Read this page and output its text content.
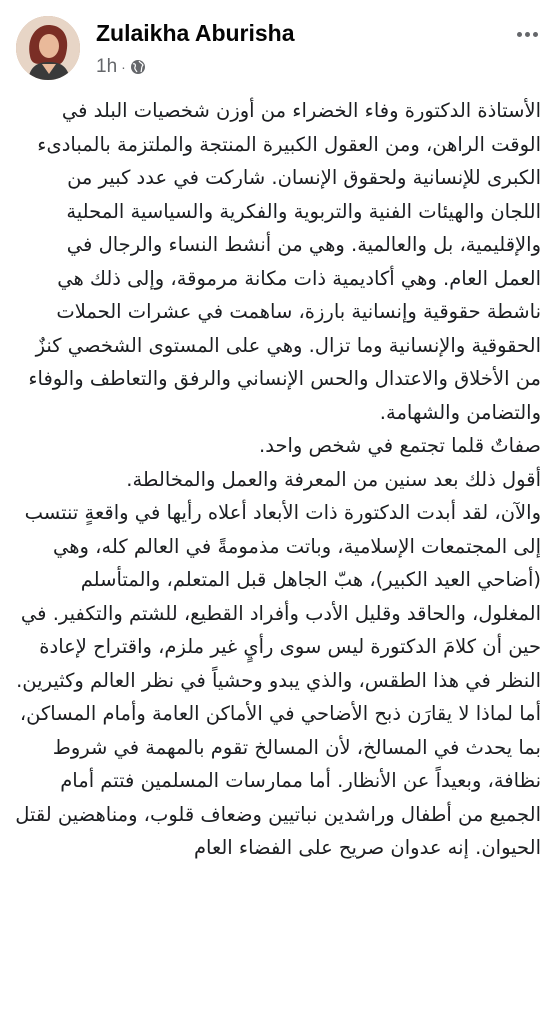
Zulaikha Aburisha
1h ·

الأستاذة الدكتورة وفاء الخضراء من أوزن شخصيات البلد في الوقت الراهن، ومن العقول الكبيرة المنتجة والملتزمة بالمبادىء الكبرى للإنسانية ولحقوق الإنسان. شاركت في عدد كبير من اللجان والهيئات الفنية والتربوية والفكرية والسياسية المحلية والإقليمية، بل والعالمية. وهي من أنشط النساء والرجال في العمل العام. وهي أكاديمية ذات مكانة مرموقة، وإلى ذلك هي ناشطة حقوقية وإنسانية بارزة، ساهمت في عشرات الحملات الحقوقية والإنسانية وما تزال. وهي على المستوى الشخصي كنزٌ من الأخلاق والاعتدال والحس الإنساني والرفق والتعاطف والوفاء والتضامن والشهامة.

صفاتٌ قلما تجتمع في شخص واحد.

أقول ذلك بعد سنين من المعرفة والعمل والمخالطة.

والآن، لقد أبدت الدكتورة ذات الأبعاد أعلاه رأيها في واقعةٍ تنتسب إلى المجتمعات الإسلامية، وباتت مذمومةً في العالم كله، وهي (أضاحي العيد الكبير)، هبّ الجاهل قبل المتعلم، والمتأسلم المغلول، والحاقد وقليل الأدب وأفراد القطيع، للشتم والتكفير. في حين أن كلامَ الدكتورة ليس سوى رأيٍ غير ملزم، واقتراح لإعادة النظر في هذا الطقس، والذي يبدو وحشياً في نظر العالم وكثيرين.

أما لماذا لا يقارَن ذبح الأضاحي في الأماكن العامة وأمام المساكن، بما يحدث في المسالخ، لأن المسالخ تقوم بالمهمة في شروط نظافة، وبعيداً عن الأنظار. أما ممارسات المسلمين فتتم أمام الجميع من أطفال وراشدين نباتيين وضعاف قلوب، ومناهضين لقتل الحيوان. إنه عدوان صريح على الفضاء العام
